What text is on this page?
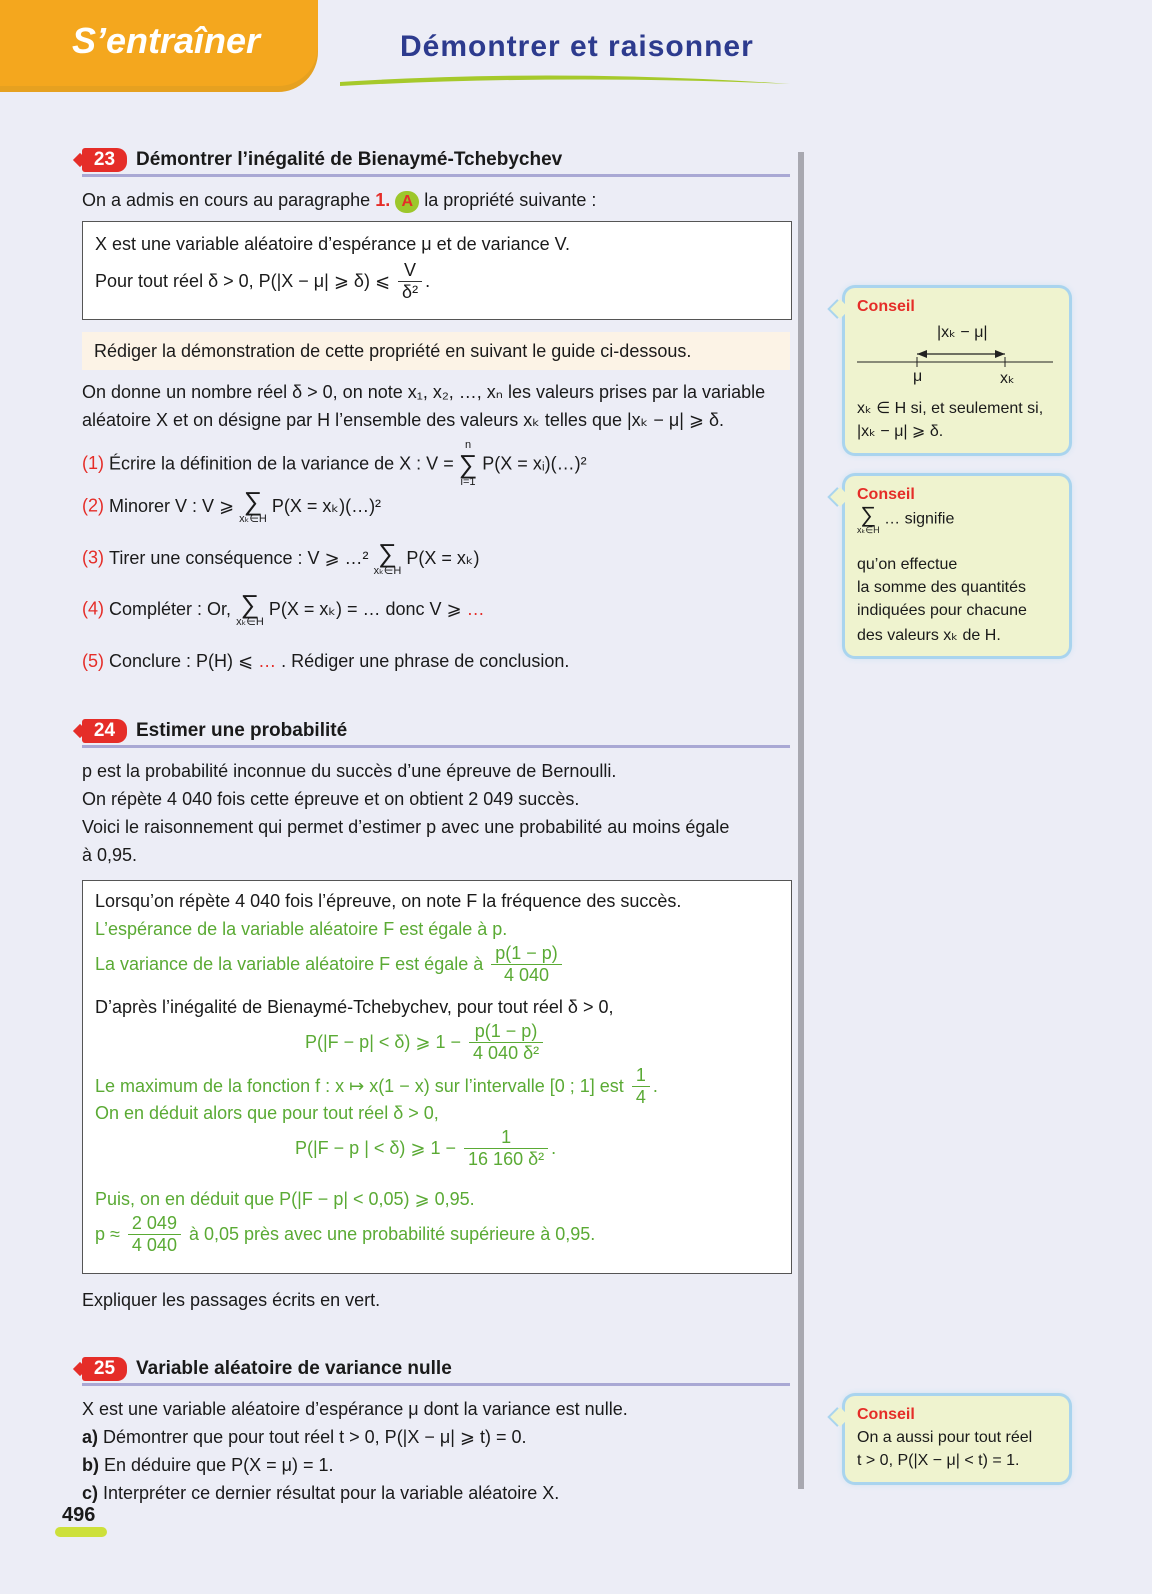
S’entraîner	Démontrer et raisonner
23	Démontrer l’inégalité de Bienaymé-Tchebychev
On a admis en cours au paragraphe 1. A la propriété suivante :
X est une variable aléatoire d’espérance μ et de variance V.
Pour tout réel δ > 0, P(|X − μ| ⩾ δ) ⩽ $\frac{V}{\text{δ²}}$ .
Rédiger la démonstration de cette propriété en suivant le guide ci-dessous.
On donne un nombre réel δ > 0, on note x₁, x₂, …, xₙ les valeurs prises par la variable
aléatoire X et on désigne par H l’ensemble des valeurs xₖ telles que |xₖ − μ| ⩾ δ.
(1) Écrire la définition de la variance de X : V =
n
∑
i=1
P(X = xᵢ)(…)²
(2) Minorer V : V ⩾ ∑
xₖ∈H
P(X = xₖ)(…)²
(3) Tirer une conséquence : V ⩾ …² ∑
xₖ∈H
P(X = xₖ)
(4) Compléter : Or, ∑
xₖ∈H
P(X = xₖ) = … donc V ⩾ …
(5) Conclure : P(H) ⩽ … . Rédiger une phrase de conclusion.
24	Estimer une probabilité
p est la probabilité inconnue du succès d’une épreuve de Bernoulli.
On répète 4 040 fois cette épreuve et on obtient 2 049 succès.
Voici le raisonnement qui permet d’estimer p avec une probabilité au moins égale
à 0,95.
Lorsqu’on répète 4 040 fois l’épreuve, on note F la fréquence des succès.
L’espérance de la variable aléatoire F est égale à p.
La variance de la variable aléatoire F est égale à $\frac{p(1 - p)}{4 040}$
D’après l’inégalité de Bienaymé-Tchebychev, pour tout réel δ > 0,
P(|F − p| < δ) ⩾ $1 - \frac{p(1 - p)}{\text{4 040 δ²}}$
Le maximum de la fonction f : x ↦ x(1 − x) sur l’intervalle [0 ; 1] est $\frac{1}{4}$ .
On en déduit alors que pour tout réel δ > 0,
P(|F − p | < δ) ⩾ $1 - \frac{1}{\text{16 160 δ²}}$ .
Puis, on en déduit que P(|F − p| < 0,05) ⩾ 0,95.
$p \approx \frac{2 049}{4 040}$ à 0,05 près avec une probabilité supérieure à 0,95.
Expliquer les passages écrits en vert.
25	Variable aléatoire de variance nulle
X est une variable aléatoire d’espérance μ dont la variance est nulle.
a) Démontrer que pour tout réel t > 0, P(|X − μ| ⩾ t) = 0.
b) En déduire que P(X = μ) = 1.
c) Interpréter ce dernier résultat pour la variable aléatoire X.
Conseil
|xₖ − μ|
μ	xₖ
xₖ ∈ H si, et seulement si,
|xₖ − μ| ⩾ δ.
Conseil
∑
xₖ∈H
… signifie
qu’on effectue
la somme des quantités
indiquées pour chacune
des valeurs xₖ de H.
Conseil
On a aussi pour tout réel
t > 0, P(|X − μ| < t) = 1.
496
